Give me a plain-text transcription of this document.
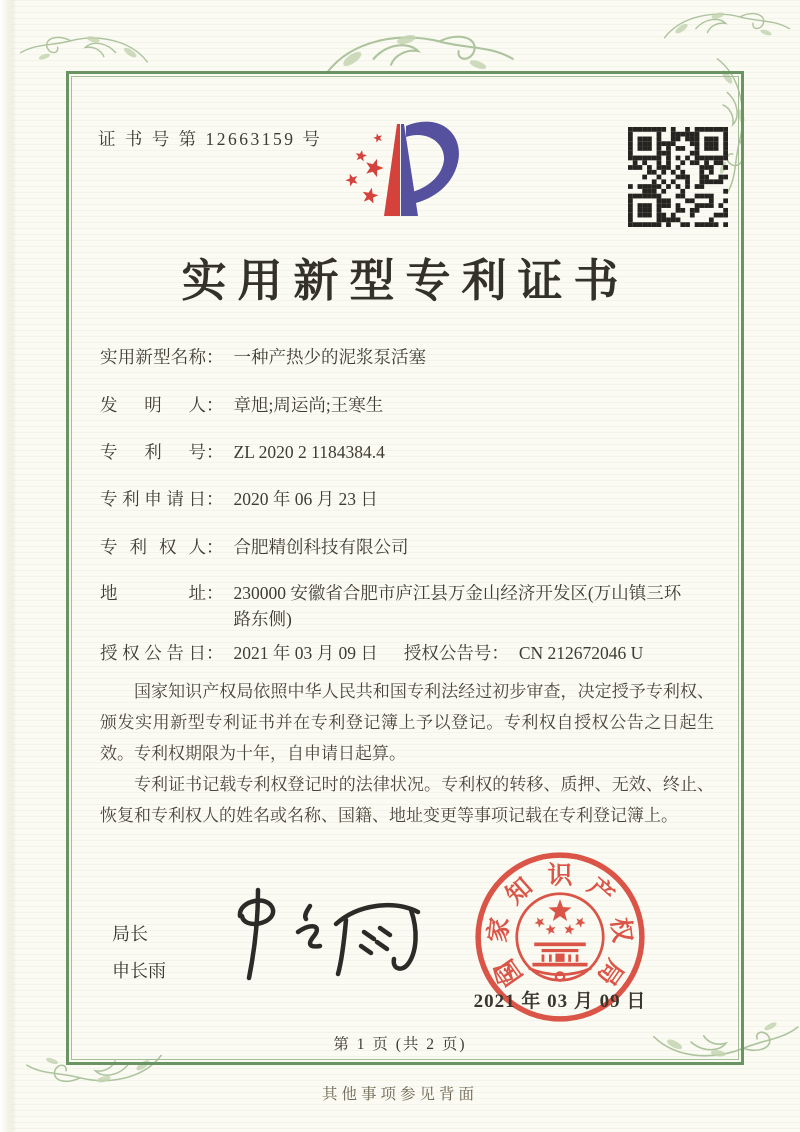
证 书 号 第 12663159 号
实用新型专利证书
实用新型名称 ： 一种产热少的泥浆泵活塞
发明人 ： 章旭;周运尚;王寒生
专利号 ： ZL 2020 2 1184384.4
专利申请日 ： 2020 年 06 月 23 日
专利权人 ： 合肥精创科技有限公司
地址 ： 230000 安徽省合肥市庐江县万金山经济开发区(万山镇三环路东侧)
授权公告日 ： 2021 年 03 月 09 日 授权公告号 ： CN 212672046 U

国家知识产权局依照中华人民共和国专利法经过初步审查，决定授予专利权、颁发实用新型专利证书并在专利登记簿上予以登记。专利权自授权公告之日起生效。专利权期限为十年，自申请日起算。

专利证书记载专利权登记时的法律状况。专利权的转移、质押、无效、终止、恢复和专利权人的姓名或名称、国籍、地址变更等事项记载在专利登记簿上。

局长
申长雨	国
家
知 识 产
权
局
2021 年 03 月 09 日
第 1 页 (共 2 页)
其他事项参见背面
